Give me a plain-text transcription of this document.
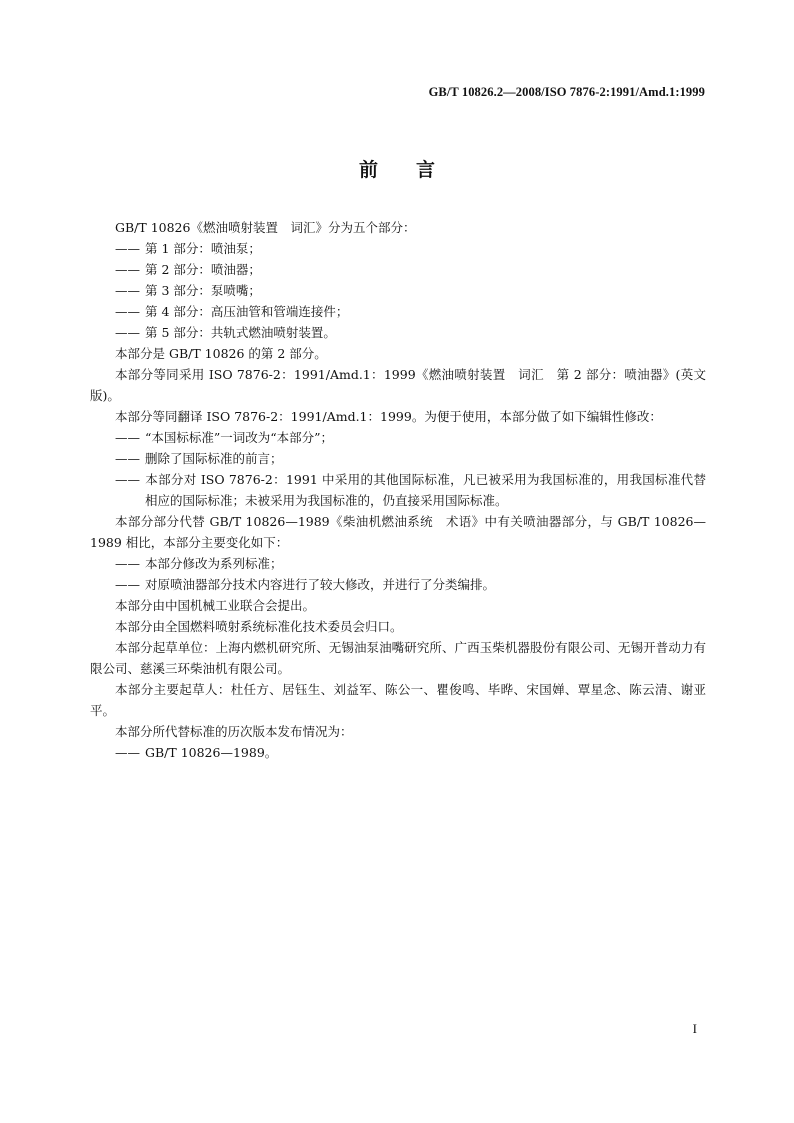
GB/T 10826.2—2008/ISO 7876-2:1991/Amd.1:1999
前言
GB/T 10826《燃油喷射装置　词汇》分为五个部分：
—— 第 1 部分：喷油泵；
—— 第 2 部分：喷油器；
—— 第 3 部分：泵喷嘴；
—— 第 4 部分：高压油管和管端连接件；
—— 第 5 部分：共轨式燃油喷射装置。
本部分是 GB/T 10826 的第 2 部分。
本部分等同采用 ISO 7876-2：1991/Amd.1：1999《燃油喷射装置　词汇　第 2 部分：喷油器》(英文版)。
本部分等同翻译 ISO 7876-2：1991/Amd.1：1999。为便于使用，本部分做了如下编辑性修改：
—— “本国标标准”一词改为“本部分”；
—— 删除了国际标准的前言；
—— 本部分对 ISO 7876-2：1991 中采用的其他国际标准，凡已被采用为我国标准的，用我国标准代替相应的国际标准；未被采用为我国标准的，仍直接采用国际标准。
本部分部分代替 GB/T 10826—1989《柴油机燃油系统　术语》中有关喷油器部分，与 GB/T 10826—1989 相比，本部分主要变化如下：
—— 本部分修改为系列标准；
—— 对原喷油器部分技术内容进行了较大修改，并进行了分类编排。
本部分由中国机械工业联合会提出。
本部分由全国燃料喷射系统标准化技术委员会归口。
本部分起草单位：上海内燃机研究所、无锡油泵油嘴研究所、广西玉柴机器股份有限公司、无锡开普动力有限公司、慈溪三环柴油机有限公司。
本部分主要起草人：杜任方、居钰生、刘益军、陈公一、瞿俊鸣、毕晔、宋国婵、覃星念、陈云清、谢亚平。
本部分所代替标准的历次版本发布情况为：
—— GB/T 10826—1989。
I
